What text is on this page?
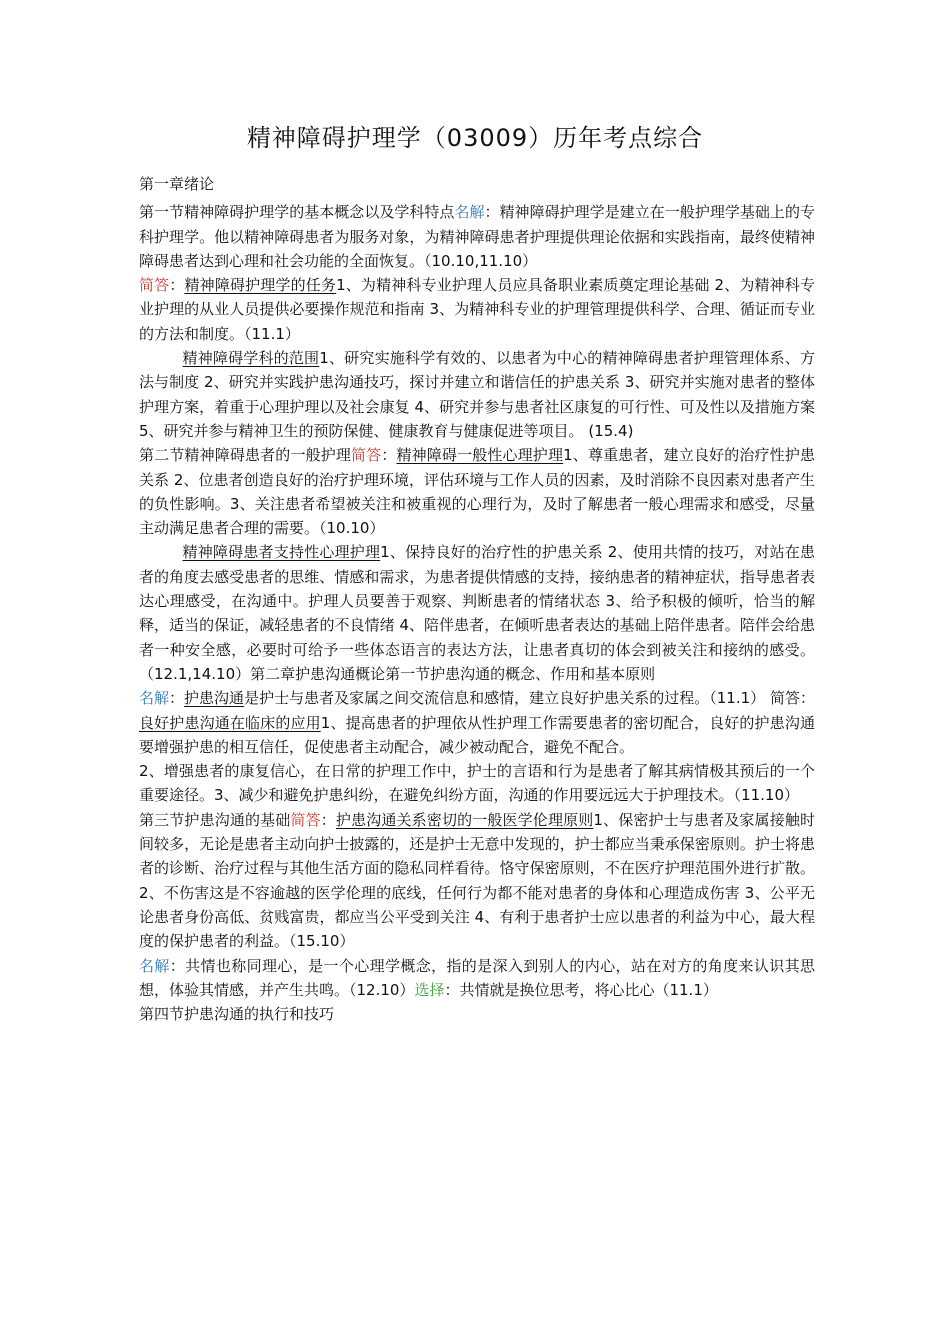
精神障碍护理学（03009）历年考点综合

第一章绪论

第一节精神障碍护理学的基本概念以及学科特点名解：精神障碍护理学是建立在一般护理学基础上的专科护理学。他以精神障碍患者为服务对象，为精神障碍患者护理提供理论依据和实践指南，最终使精神障碍患者达到心理和社会功能的全面恢复。（10.10,11.10）

简答：精神障碍护理学的任务1、为精神科专业护理人员应具备职业素质奠定理论基础 2、为精神科专业护理的从业人员提供必要操作规范和指南 3、为精神科专业的护理管理提供科学、合理、循证而专业的方法和制度。（11.1）

精神障碍学科的范围1、研究实施科学有效的、以患者为中心的精神障碍患者护理管理体系、方法与制度 2、研究并实践护患沟通技巧，探讨并建立和谐信任的护患关系 3、研究并实施对患者的整体护理方案，着重于心理护理以及社会康复 4、研究并参与患者社区康复的可行性、可及性以及措施方案 5、研究并参与精神卫生的预防保健、健康教育与健康促进等项目。 (15.4)

第二节精神障碍患者的一般护理简答：精神障碍一般性心理护理1、尊重患者，建立良好的治疗性护患关系 2、位患者创造良好的治疗护理环境，评估环境与工作人员的因素，及时消除不良因素对患者产生的负性影响。3、关注患者希望被关注和被重视的心理行为，及时了解患者一般心理需求和感受，尽量主动满足患者合理的需要。（10.10）

精神障碍患者支持性心理护理1、保持良好的治疗性的护患关系 2、使用共情的技巧，对站在患者的角度去感受患者的思维、情感和需求，为患者提供情感的支持，接纳患者的精神症状，指导患者表达心理感受，在沟通中。护理人员要善于观察、判断患者的情绪状态 3、给予积极的倾听，恰当的解释，适当的保证，减轻患者的不良情绪 4、陪伴患者，在倾听患者表达的基础上陪伴患者。陪伴会给患者一种安全感，必要时可给予一些体态语言的表达方法，让患者真切的体会到被关注和接纳的感受。（12.1,14.10）第二章护患沟通概论第一节护患沟通的概念、作用和基本原则

名解：护患沟通是护士与患者及家属之间交流信息和感情，建立良好护患关系的过程。（11.1） 简答：良好护患沟通在临床的应用1、提高患者的护理依从性护理工作需要患者的密切配合，良好的护患沟通要增强护患的相互信任，促使患者主动配合，减少被动配合，避免不配合。

2、增强患者的康复信心，在日常的护理工作中，护士的言语和行为是患者了解其病情极其预后的一个重要途径。3、减少和避免护患纠纷，在避免纠纷方面，沟通的作用要远远大于护理技术。（11.10）

第三节护患沟通的基础简答：护患沟通关系密切的一般医学伦理原则1、保密护士与患者及家属接触时间较多，无论是患者主动向护士披露的，还是护士无意中发现的，护士都应当秉承保密原则。护士将患者的诊断、治疗过程与其他生活方面的隐私同样看待。恪守保密原则，不在医疗护理范围外进行扩散。2、不伤害这是不容逾越的医学伦理的底线，任何行为都不能对患者的身体和心理造成伤害 3、公平无论患者身份高低、贫贱富贵，都应当公平受到关注 4、有利于患者护士应以患者的利益为中心，最大程度的保护患者的利益。（15.10）

名解：共情也称同理心，是一个心理学概念，指的是深入到别人的内心，站在对方的角度来认识其思想，体验其情感，并产生共鸣。（12.10）选择：共情就是换位思考，将心比心（11.1）

第四节护患沟通的执行和技巧
